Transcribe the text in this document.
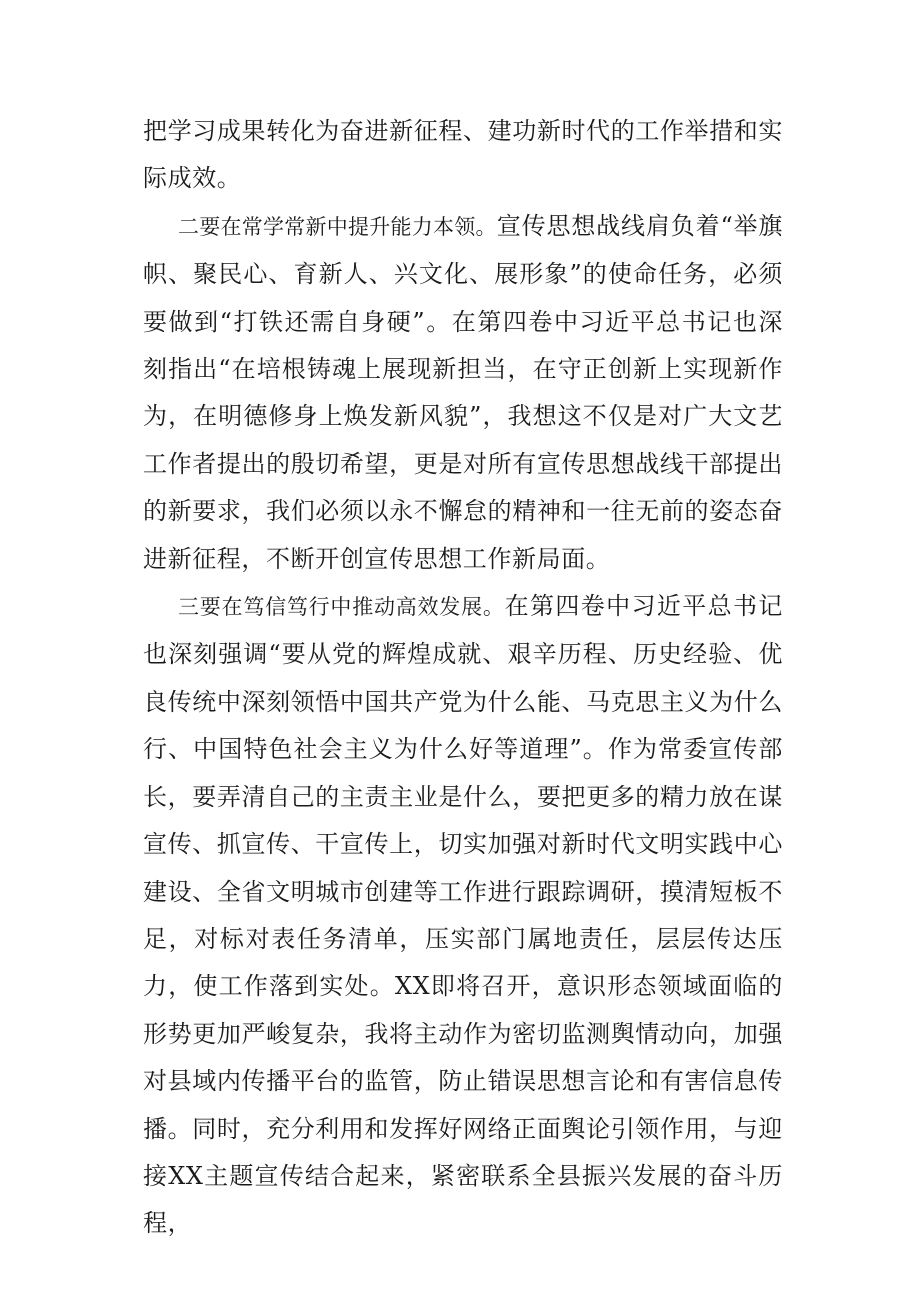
把学习成果转化为奋进新征程、建功新时代的工作举措和实际成效。

二要在常学常新中提升能力本领。宣传思想战线肩负着“举旗帜、聚民心、育新人、兴文化、展形象”的使命任务，必须要做到“打铁还需自身硬”。在第四卷中习近平总书记也深刻指出“在培根铸魂上展现新担当，在守正创新上实现新作为，在明德修身上焕发新风貌”，我想这不仅是对广大文艺工作者提出的殷切希望，更是对所有宣传思想战线干部提出的新要求，我们必须以永不懈怠的精神和一往无前的姿态奋进新征程，不断开创宣传思想工作新局面。

三要在笃信笃行中推动高效发展。在第四卷中习近平总书记也深刻强调“要从党的辉煌成就、艰辛历程、历史经验、优良传统中深刻领悟中国共产党为什么能、马克思主义为什么行、中国特色社会主义为什么好等道理”。作为常委宣传部长，要弄清自己的主责主业是什么，要把更多的精力放在谋宣传、抓宣传、干宣传上，切实加强对新时代文明实践中心建设、全省文明城市创建等工作进行跟踪调研，摸清短板不足，对标对表任务清单，压实部门属地责任，层层传达压力，使工作落到实处。XX即将召开，意识形态领域面临的形势更加严峻复杂，我将主动作为密切监测舆情动向，加强对县域内传播平台的监管，防止错误思想言论和有害信息传播。同时，充分利用和发挥好网络正面舆论引领作用，与迎接XX主题宣传结合起来，紧密联系全县振兴发展的奋斗历程，
